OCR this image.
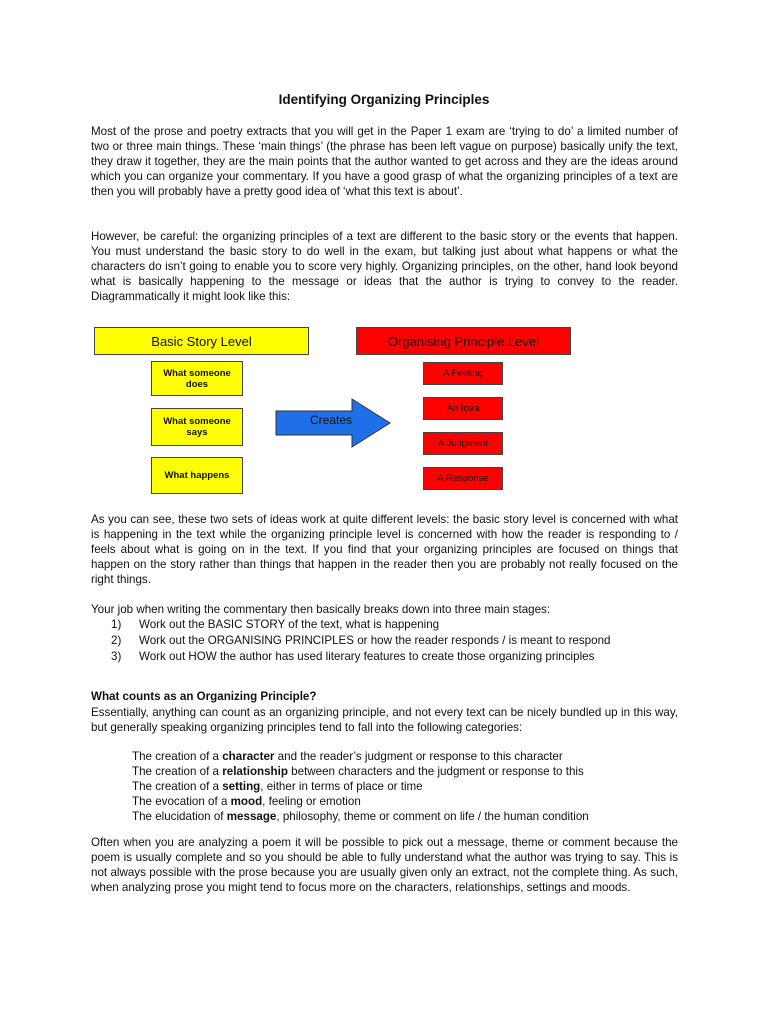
Identifying Organizing Principles
Most of the prose and poetry extracts that you will get in the Paper 1 exam are ‘trying to do’ a limited number of two or three main things. These ‘main things’ (the phrase has been left vague on purpose) basically unify the text, they draw it together, they are the main points that the author wanted to get across and they are the ideas around which you can organize your commentary. If you have a good grasp of what the organizing principles of a text are then you will probably have a pretty good idea of ‘what this text is about’.
However, be careful: the organizing principles of a text are different to the basic story or the events that happen. You must understand the basic story to do well in the exam, but talking just about what happens or what the characters do isn’t going to enable you to score very highly. Organizing principles, on the other, hand look beyond what is basically happening to the message or ideas that the author is trying to convey to the reader. Diagrammatically it might look like this:
Basic Story Level	Organising Principle Level
What someone does
What someone says
What happens
Creates
A Feeling
An Idea
A Judgment
A Response
As you can see, these two sets of ideas work at quite different levels: the basic story level is concerned with what is happening in the text while the organizing principle level is concerned with how the reader is responding to / feels about what is going on in the text. If you find that your organizing principles are focused on things that happen on the story rather than things that happen in the reader then you are probably not really focused on the right things.
Your job when writing the commentary then basically breaks down into three main stages:
1) Work out the BASIC STORY of the text, what is happening
2) Work out the ORGANISING PRINCIPLES or how the reader responds / is meant to respond
3) Work out HOW the author has used literary features to create those organizing principles
What counts as an Organizing Principle?
Essentially, anything can count as an organizing principle, and not every text can be nicely bundled up in this way, but generally speaking organizing principles tend to fall into the following categories:
The creation of a character and the reader’s judgment or response to this character
The creation of a relationship between characters and the judgment or response to this
The creation of a setting, either in terms of place or time
The evocation of a mood, feeling or emotion
The elucidation of message, philosophy, theme or comment on life / the human condition
Often when you are analyzing a poem it will be possible to pick out a message, theme or comment because the poem is usually complete and so you should be able to fully understand what the author was trying to say. This is not always possible with the prose because you are usually given only an extract, not the complete thing. As such, when analyzing prose you might tend to focus more on the characters, relationships, settings and moods.
